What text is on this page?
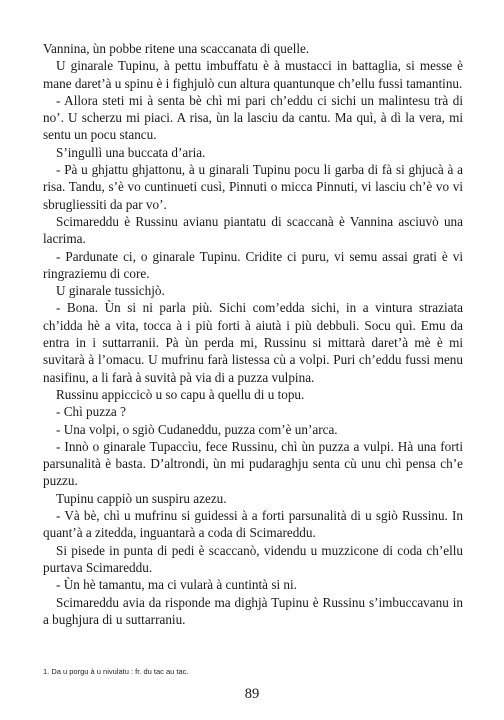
Vannina, ùn pobbe ritene una scaccanata di quelle.

U ginarale Tupinu, à pettu imbuffatu è à mustacci in battaglia, si messe è mane daret’à u spinu è i fighjulò cun altura quantunque ch’ellu fussi tamantinu.

- Allora steti mi à senta bè chì mi pari ch’eddu ci sichi un malintesu trà di no’. U scherzu mi piaci. A risa, ùn la lasciu da cantu. Ma quì, à dì la vera, mi sentu un pocu stancu.

S’ingullì una buccata d’aria.

- Pà u ghjattu ghjattonu, à u ginarali Tupinu pocu li garba di fà si ghjucà à a risa. Tandu, s’è vo cuntinueti cusì, Pinnuti o micca Pinnuti, vi lasciu ch’è vo vi sbrugliessiti da par vo’.

Scimareddu è Russinu avianu piantatu di scaccanà è Vannina asciuvò una lacrima.

- Pardunate ci, o ginarale Tupinu. Cridite ci puru, vi semu assai grati è vi ringraziemu di core.

U ginarale tussichjò.

- Bona. Ùn si ni parla più. Sichi com’edda sichi, in a vintura straziata ch’idda hè a vita, tocca à i più forti à aiutà i più debbuli. Socu quì. Emu da entra in i suttarranii. Pà ùn perda mi, Russinu si mittarà daret’à mè è mi suvitarà à l’omacu. U mufrinu farà listessa cù a volpi. Puri ch’eddu fussi menu nasifinu, a li farà à suvità pà via di a puzza vulpina.

Russinu appiccicò u so capu à quellu di u topu.

- Chì puzza ?

- Una volpi, o sgiò Cudaneddu, puzza com’è un’arca.

- Innò o ginarale Tupaccìu, fece Russinu, chì ùn puzza a vulpi. Hà una forti parsunalità è basta. D’altrondi, ùn mi pudaraghju senta cù unu chì pensa ch’e puzzu.

Tupinu cappiò un suspiru azezu.

- Và bè, chì u mufrinu si guidessi à a forti parsunalità di u sgiò Russinu. In quant’à a zitedda, inguantarà a coda di Scimareddu.

Si pisede in punta di pedi è scaccanò, videndu u muzzicone di coda ch’ellu purtava Scimareddu.

- Ùn hè tamantu, ma ci vularà à cuntintà si ni.

Scimareddu avia da risponde ma dighjà Tupinu è Russinu s’imbuccavanu in a bughjura di u suttarraniu.

1. Da u porgu à u nivulatu : fr. du tac au tac.
89
